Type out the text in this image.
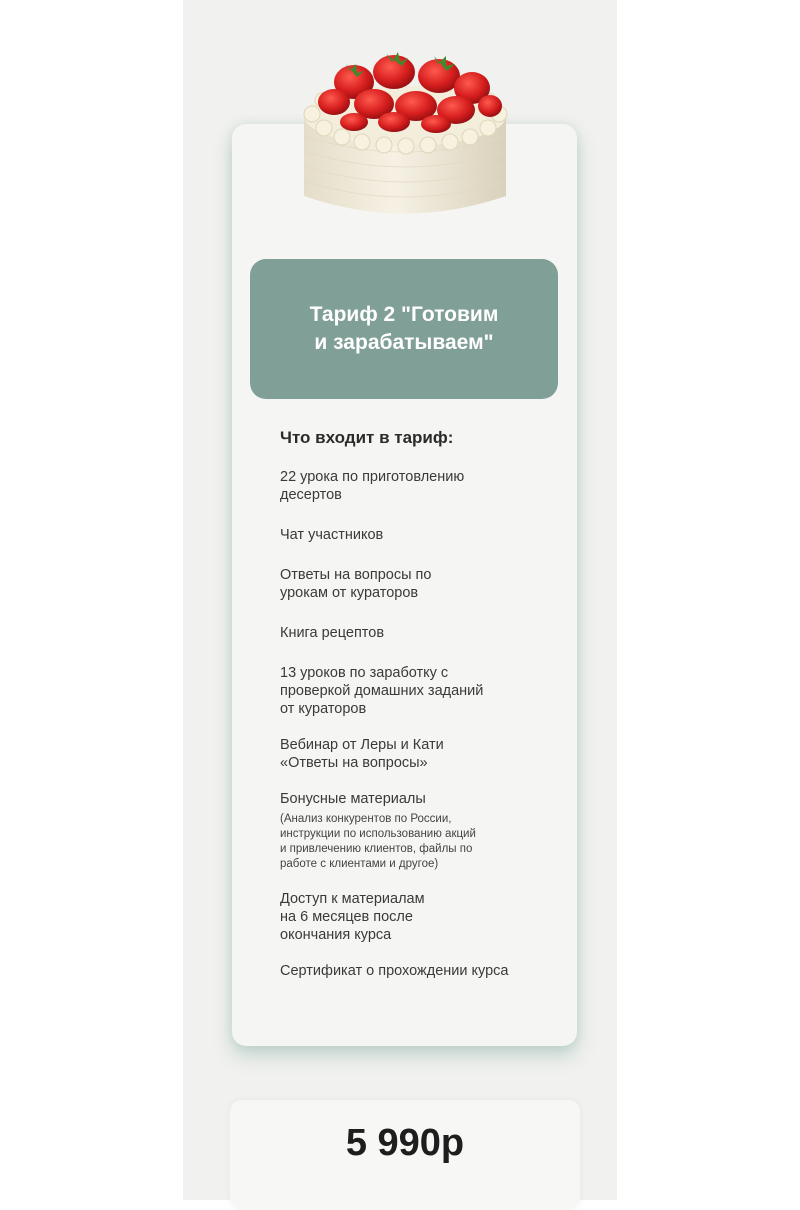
Тариф 2 "Готовим
и зарабатываем"
Что входит в тариф:
22 урока по приготовлению
десертов
Чат участников
Ответы на вопросы по
урокам от кураторов
Книга рецептов
13 уроков по заработку с
проверкой домашних заданий
от кураторов
Вебинар от Леры и Кати
«Ответы на вопросы»
Бонусные материалы
(Анализ конкурентов по России,
инструкции по использованию акций
и привлечению клиентов, файлы по
работе с клиентами и другое)
Доступ к материалам
на 6 месяцев после
окончания курса
Сертификат о прохождении курса
5 990р
